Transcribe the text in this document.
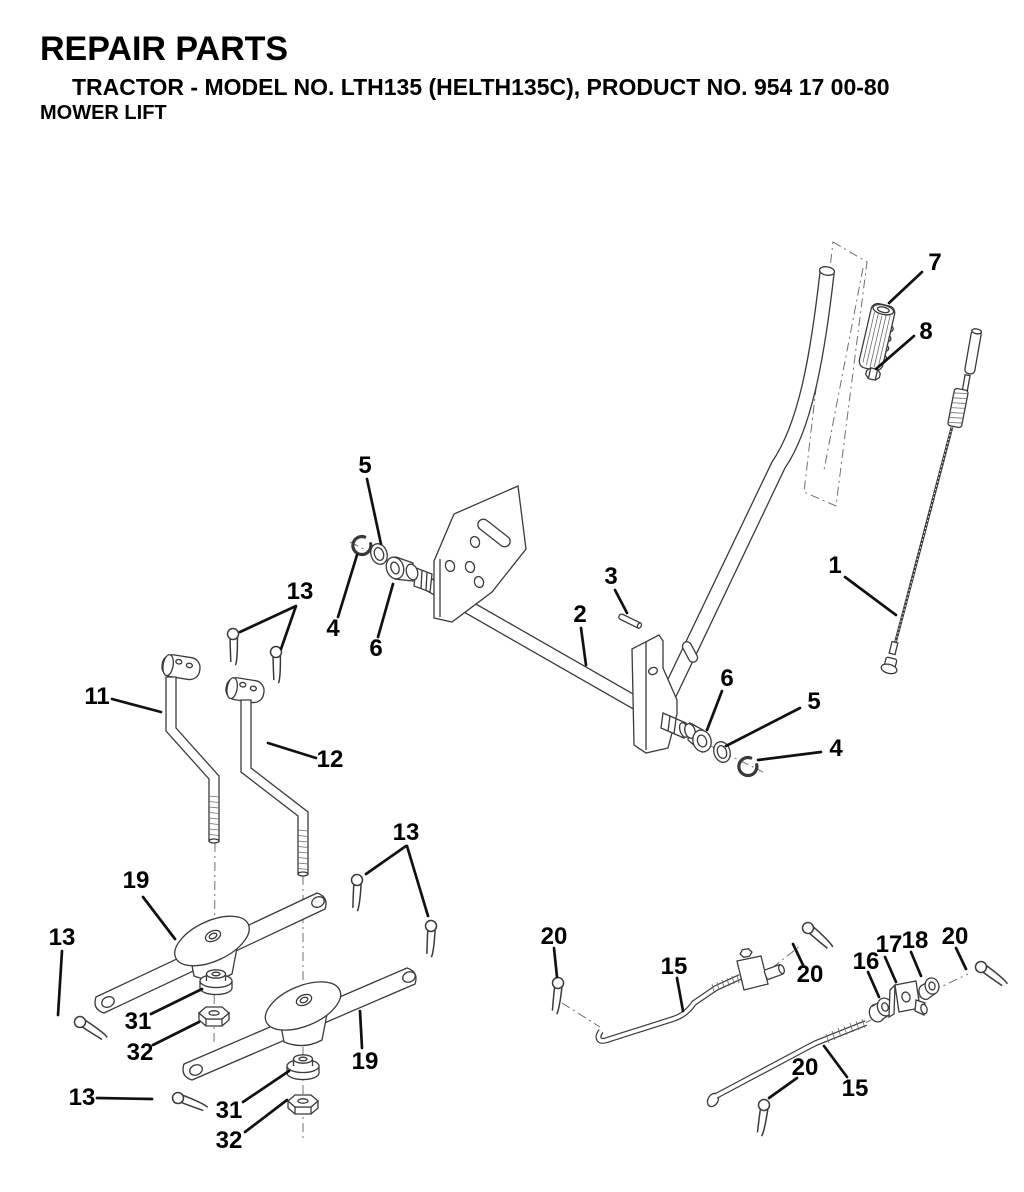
REPAIR PARTS
TRACTOR - MODEL NO. LTH135 (HELTH135C), PRODUCT NO. 954 17 00-80
MOWER LIFT
1
2
3
4
5
6
4
5
6
7
8
11
12
13
13
13
13
15
15
16
17 18
19
19
20
20
20
20
31
31
32
32
